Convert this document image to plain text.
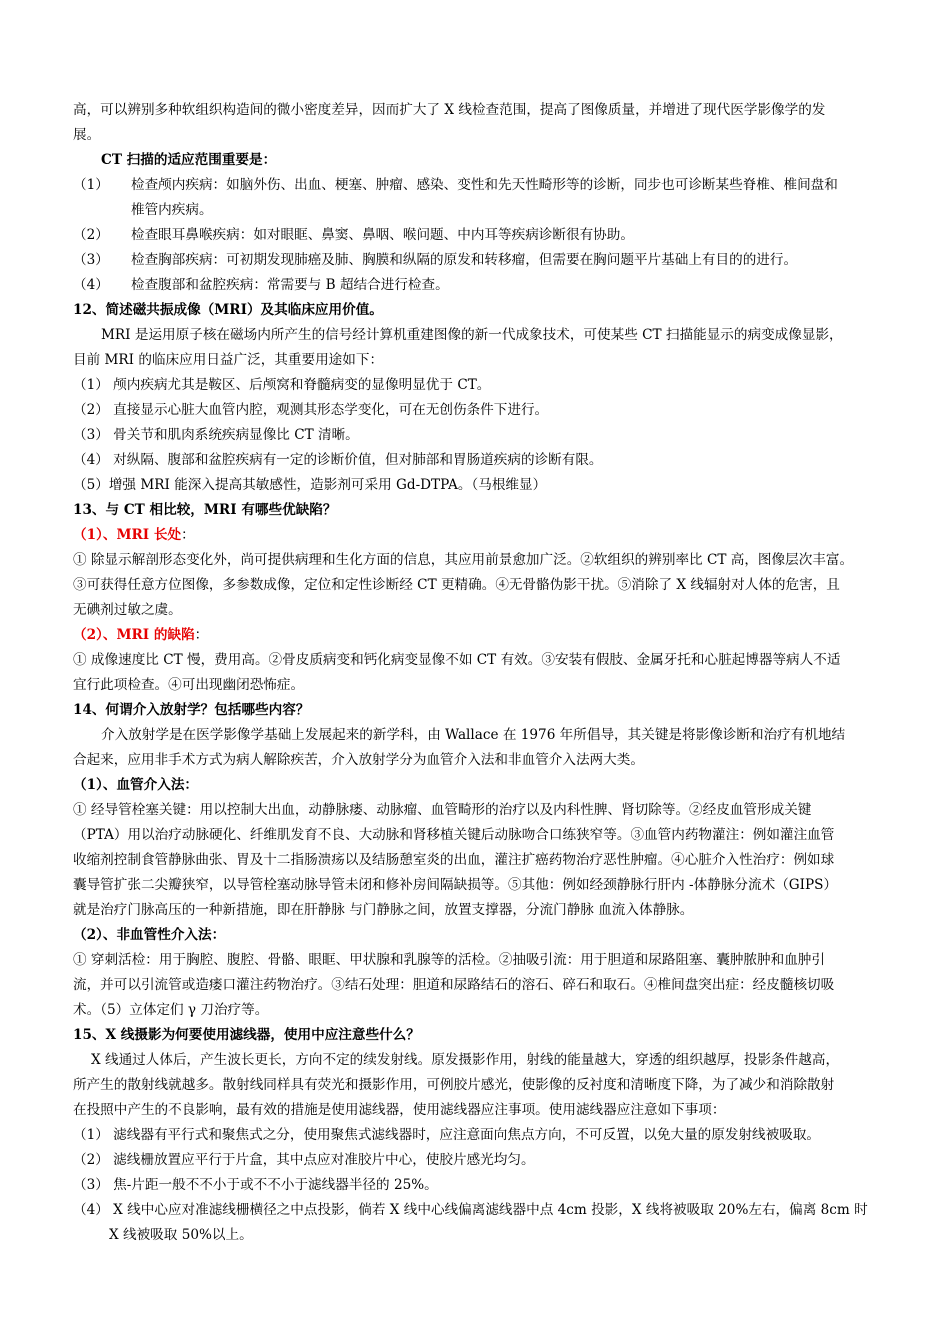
高，可以辨别多种软组织构造间的微小密度差异，因而扩大了 X 线检查范围，提高了图像质量，并增进了现代医学影像学的发
展。
CT 扫描的适应范围重要是：
（1） 检查颅内疾病：如脑外伤、出血、梗塞、肿瘤、感染、变性和先天性畸形等的诊断，同步也可诊断某些脊椎、椎间盘和
椎管内疾病。
（2） 检查眼耳鼻喉疾病：如对眼眶、鼻窦、鼻咽、喉问题、中内耳等疾病诊断很有协助。
（3） 检查胸部疾病：可初期发现肺癌及肺、胸膜和纵隔的原发和转移瘤，但需要在胸问题平片基础上有目的的进行。
（4） 检查腹部和盆腔疾病：常需要与 B 超结合进行检查。
12、简述磁共振成像（MRI）及其临床应用价值。
MRI 是运用原子核在磁场内所产生的信号经计算机重建图像的新一代成象技术，可使某些 CT 扫描能显示的病变成像显影，
目前 MRI 的临床应用日益广泛，其重要用途如下：
（1） 颅内疾病尤其是鞍区、后颅窝和脊髓病变的显像明显优于 CT。
（2） 直接显示心脏大血管内腔，观测其形态学变化，可在无创伤条件下进行。
（3） 骨关节和肌肉系统疾病显像比 CT 清晰。
（4） 对纵隔、腹部和盆腔疾病有一定的诊断价值，但对肺部和胃肠道疾病的诊断有限。
（5）增强 MRI 能深入提高其敏感性，造影剂可采用 Gd-DTPA。（马根维显）
13、与 CT 相比较，MRI 有哪些优缺陷？
（1）、MRI 长处：
① 除显示解剖形态变化外，尚可提供病理和生化方面的信息，其应用前景愈加广泛。②软组织的辨别率比 CT 高，图像层次丰富。
③可获得任意方位图像，多参数成像，定位和定性诊断经 CT 更精确。④无骨骼伪影干扰。⑤消除了 X 线辐射对人体的危害，且
无碘剂过敏之虞。
（2）、MRI 的缺陷：
① 成像速度比 CT 慢，费用高。②骨皮质病变和钙化病变显像不如 CT 有效。③安装有假肢、金属牙托和心脏起博器等病人不适
宜行此项检查。④可出现幽闭恐怖症。
14、何谓介入放射学？包括哪些内容？
介入放射学是在医学影像学基础上发展起来的新学科，由 Wallace 在 1976 年所倡导，其关键是将影像诊断和治疗有机地结
合起来，应用非手术方式为病人解除疾苦，介入放射学分为血管介入法和非血管介入法两大类。
（1）、血管介入法：
① 经导管栓塞关键：用以控制大出血，动静脉瘘、动脉瘤、血管畸形的治疗以及内科性脾、肾切除等。②经皮血管形成关键
（PTA）用以治疗动脉硬化、纤维肌发育不良、大动脉和肾移植关键后动脉吻合口练狭窄等。③血管内药物灌注：例如灌注血管
收缩剂控制食管静脉曲张、胃及十二指肠溃疡以及结肠憩室炎的出血，灌注扩癌药物治疗恶性肿瘤。④心脏介入性治疗：例如球
囊导管扩张二尖瓣狭窄，以导管栓塞动脉导管未闭和修补房间隔缺损等。⑤其他：例如经颈静脉行肝内 -体静脉分流术（GIPS）
就是治疗门脉高压的一种新措施，即在肝静脉 与门静脉之间，放置支撑器，分流门静脉 血流入体静脉。
（2）、非血管性介入法：
① 穿刺活检：用于胸腔、腹腔、骨骼、眼眶、甲状腺和乳腺等的活检。②抽吸引流：用于胆道和尿路阻塞、囊肿脓肿和血肿引
流，并可以引流管或造瘘口灌注药物治疗。③结石处理：胆道和尿路结石的溶石、碎石和取石。④椎间盘突出症：经皮髓核切吸
术。（5）立体定们 γ 刀治疗等。
15、X 线摄影为何要使用滤线器，使用中应注意些什么？
X 线通过人体后，产生波长更长，方向不定的续发射线。原发摄影作用，射线的能量越大，穿透的组织越厚，投影条件越高，
所产生的散射线就越多。散射线同样具有荧光和摄影作用，可例胶片感光，使影像的反衬度和清晰度下降，为了减少和消除散射
在投照中产生的不良影响，最有效的措施是使用滤线器，使用滤线器应注事项。使用滤线器应注意如下事项：
（1） 滤线器有平行式和聚焦式之分，使用聚焦式滤线器时，应注意面向焦点方向，不可反置，以免大量的原发射线被吸取。
（2） 滤线栅放置应平行于片盒，其中点应对准胶片中心，使胶片感光均匀。
（3） 焦-片距一般不不小于或不不小于滤线器半径的 25%。
（4） X 线中心应对准滤线栅横径之中点投影，倘若 X 线中心线偏离滤线器中点 4cm 投影，X 线将被吸取 20%左右，偏离 8cm 时
X 线被吸取 50%以上。
